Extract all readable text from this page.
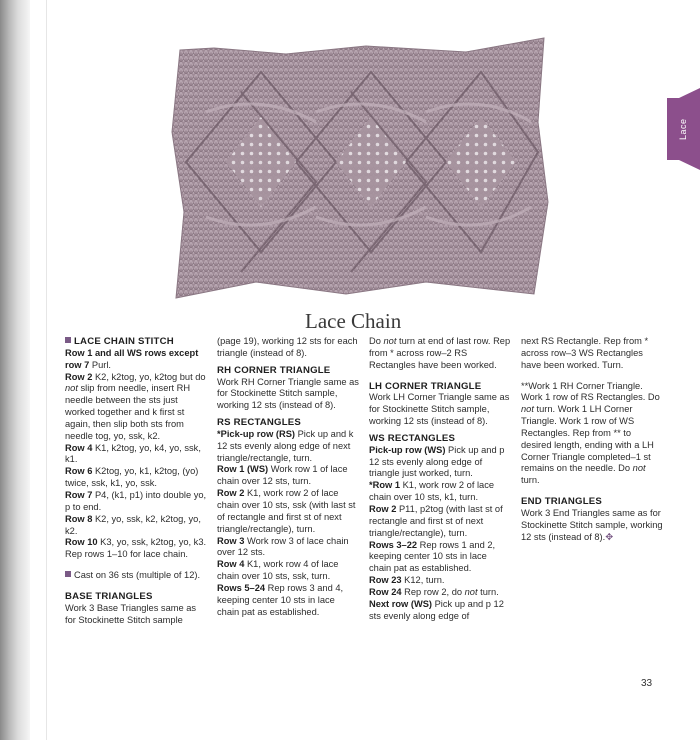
Lace
Lace Chain

LACE CHAIN STITCH

Row 1 and all WS rows except row 7 Purl.

Row 2 K2, k2tog, yo, k2tog but do not slip from needle, insert RH needle between the sts just worked together and k first st again, then slip both sts from needle tog, yo, ssk, k2.

Row 4 K1, k2tog, yo, k4, yo, ssk, k1.

Row 6 K2tog, yo, k1, k2tog, (yo) twice, ssk, k1, yo, ssk.

Row 7 P4, (k1, p1) into double yo, p to end.

Row 8 K2, yo, ssk, k2, k2tog, yo, k2.

Row 10 K3, yo, ssk, k2tog, yo, k3. Rep rows 1–10 for lace chain.

Cast on 36 sts (multiple of 12).

BASE TRIANGLES

Work 3 Base Triangles same as for Stockinette Stitch sample

(page 19), working 12 sts for each triangle (instead of 8).

RH CORNER TRIANGLE

Work RH Corner Triangle same as for Stockinette Stitch sample, working 12 sts (instead of 8).

RS RECTANGLES

*Pick-up row (RS) Pick up and k 12 sts evenly along edge of next triangle/rectangle, turn.

Row 1 (WS) Work row 1 of lace chain over 12 sts, turn.

Row 2 K1, work row 2 of lace chain over 10 sts, ssk (with last st of rectangle and first st of next triangle/rectangle), turn.

Row 3 Work row 3 of lace chain over 12 sts.

Row 4 K1, work row 4 of lace chain over 10 sts, ssk, turn.

Rows 5–24 Rep rows 3 and 4, keeping center 10 sts in lace chain pat as established.

Do not turn at end of last row. Rep from * across row–2 RS Rectangles have been worked.

LH CORNER TRIANGLE

Work LH Corner Triangle same as for Stockinette Stitch sample, working 12 sts (instead of 8).

WS RECTANGLES

Pick-up row (WS) Pick up and p 12 sts evenly along edge of triangle just worked, turn.

*Row 1 K1, work row 2 of lace chain over 10 sts, k1, turn.

Row 2 P11, p2tog (with last st of rectangle and first st of next triangle/rectangle), turn.

Rows 3–22 Rep rows 1 and 2, keeping center 10 sts in lace chain pat as established.

Row 23 K12, turn.

Row 24 Rep row 2, do not turn.

Next row (WS) Pick up and p 12 sts evenly along edge of

next RS Rectangle. Rep from * across row–3 WS Rectangles have been worked. Turn.

**Work 1 RH Corner Triangle. Work 1 row of RS Rectangles. Do not turn. Work 1 LH Corner Triangle. Work 1 row of WS Rectangles. Rep from ** to desired length, ending with a LH Corner Triangle completed–1 st remains on the needle. Do not turn.

END TRIANGLES

Work 3 End Triangles same as for Stockinette Stitch sample, working 12 sts (instead of 8).✥

33
